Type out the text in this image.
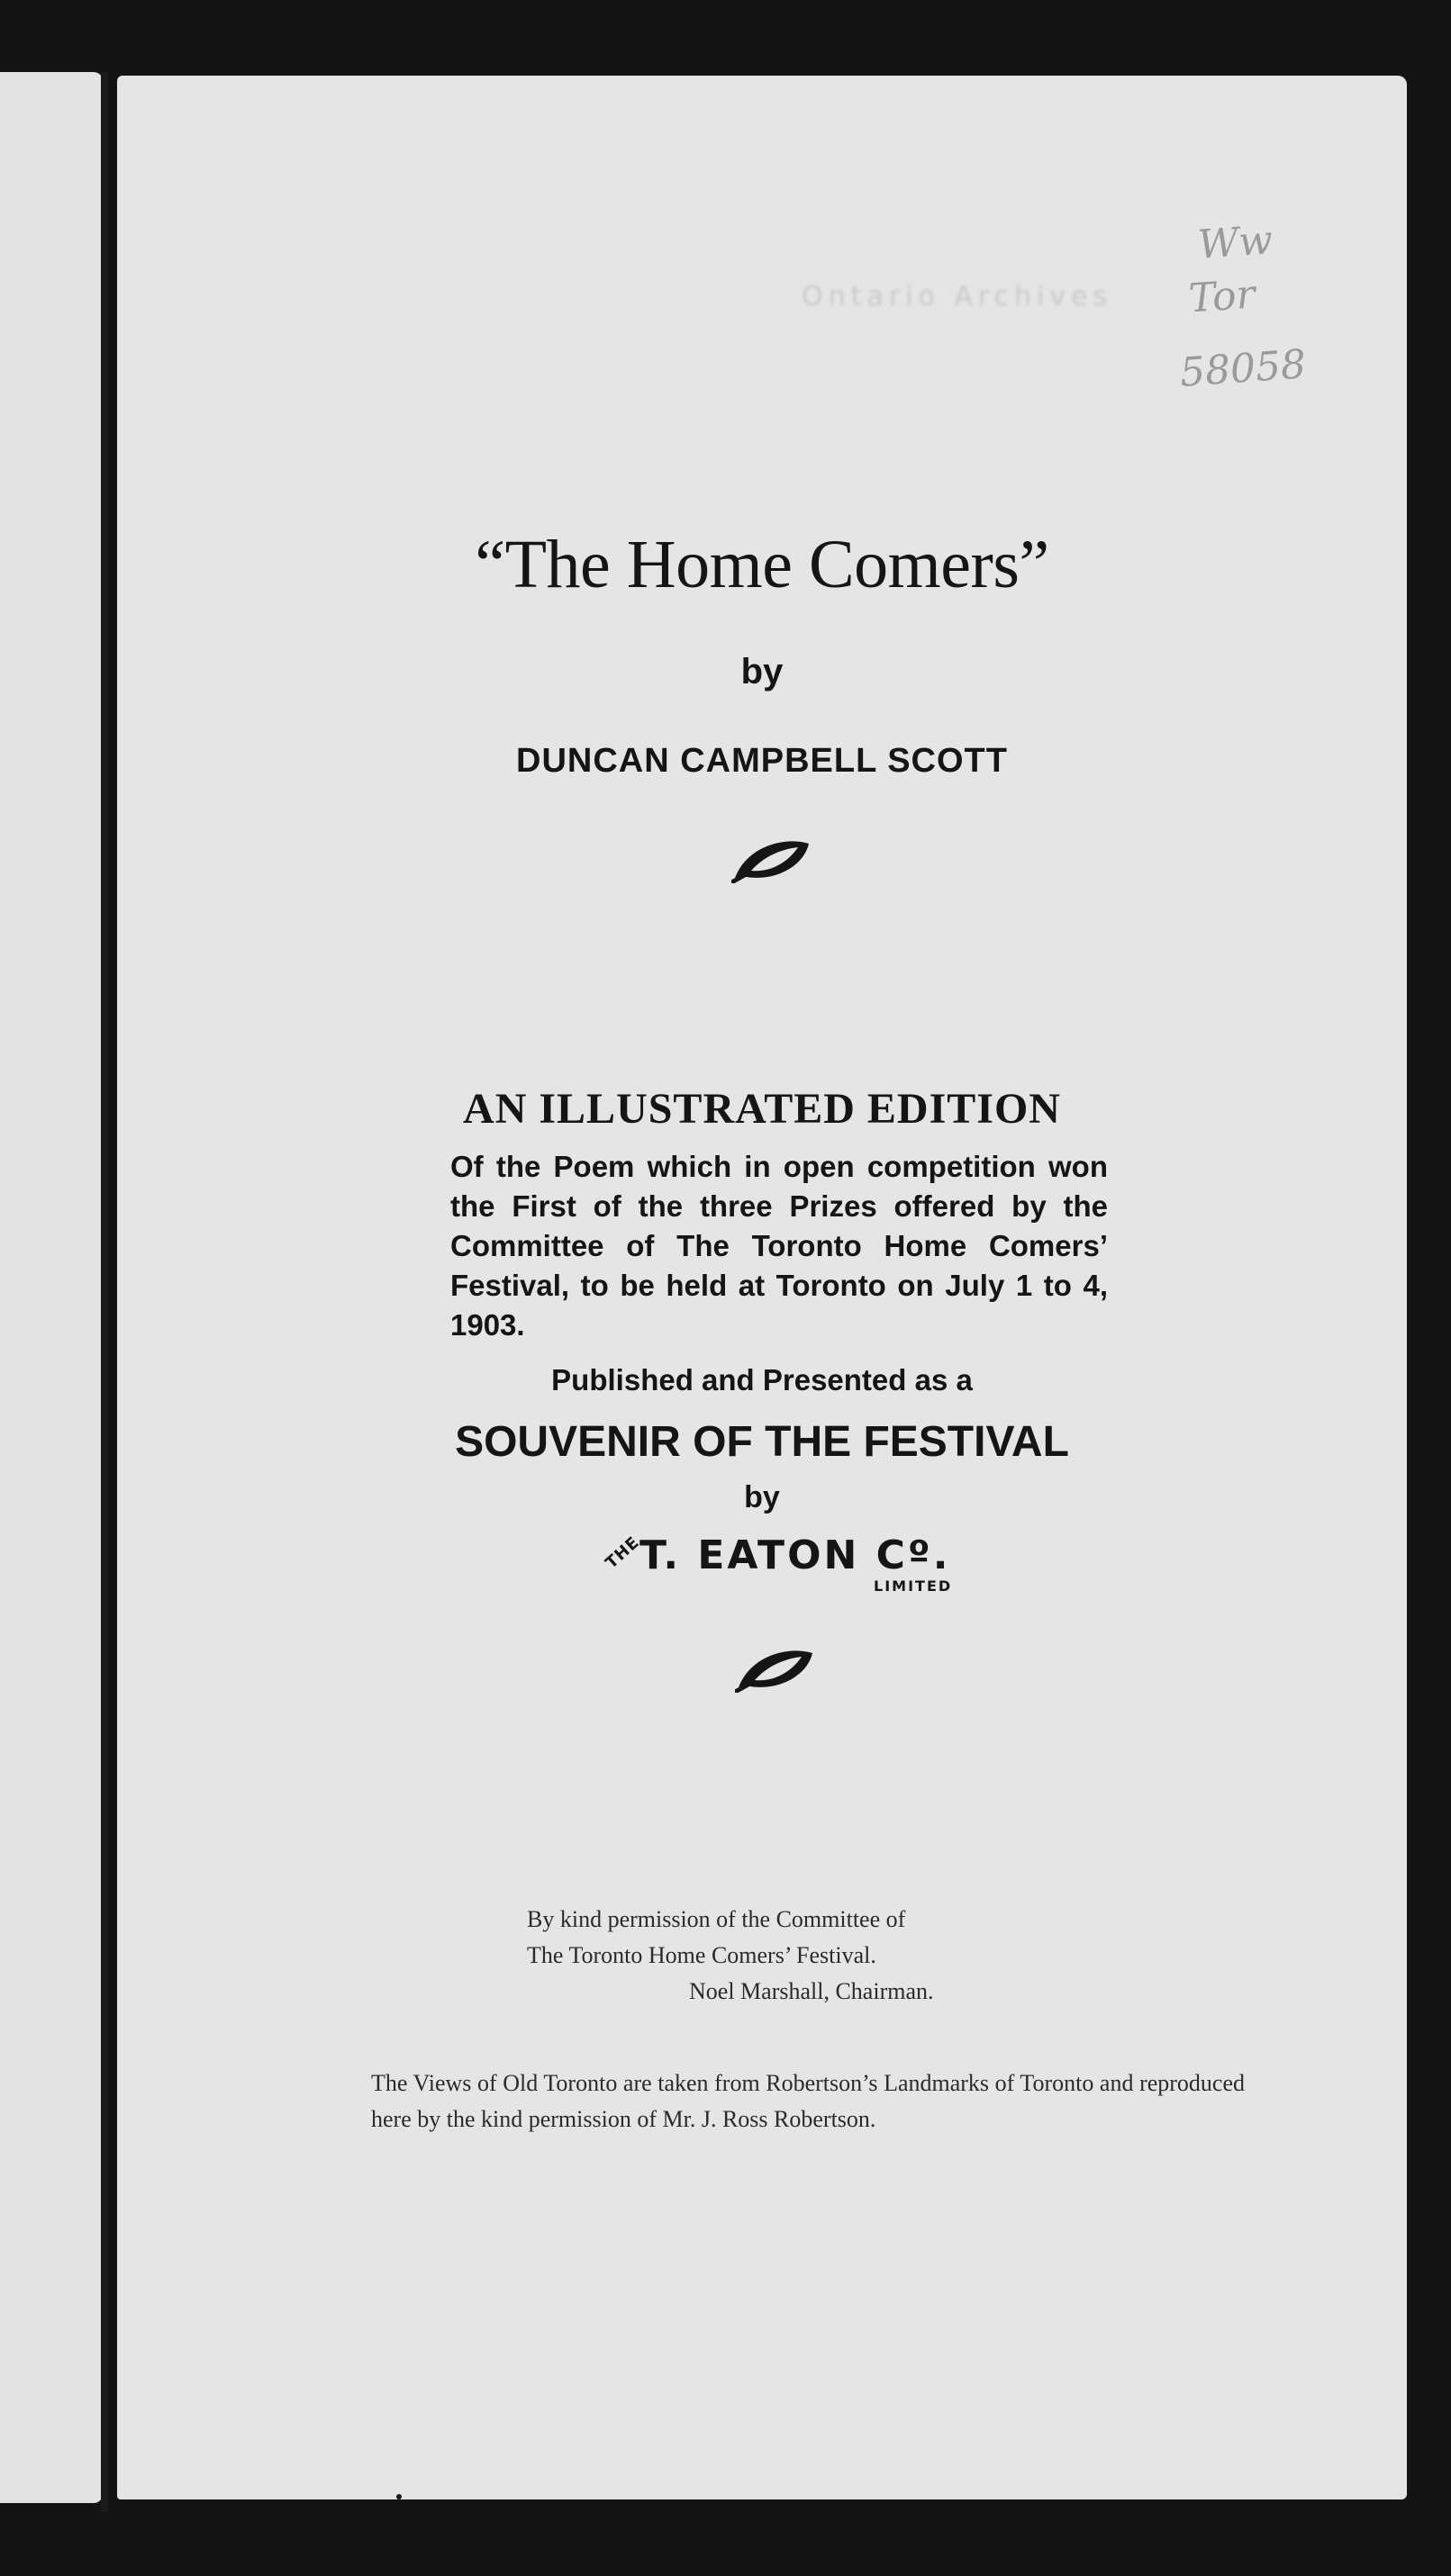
Ww
Tor
58058
Ontario Archives
“The Home Comers”
by
DUNCAN CAMPBELL SCOTT
AN ILLUSTRATED EDITION
Of the Poem which in open competition won the First of the three Prizes offered by the Committee of The Toronto Home Comers’ Festival, to be held at Toronto on July 1 to 4, 1903.
Published and Presented as a
SOUVENIR OF THE FESTIVAL
by
THE
T. EATON Cº.
LIMITED
By kind permission of the Committee of
The Toronto Home Comers’ Festival.
Noel Marshall, Chairman.
The Views of Old Toronto are taken from Robertson’s Landmarks of Toronto and reproduced here by the kind permission of Mr. J. Ross Robertson.
